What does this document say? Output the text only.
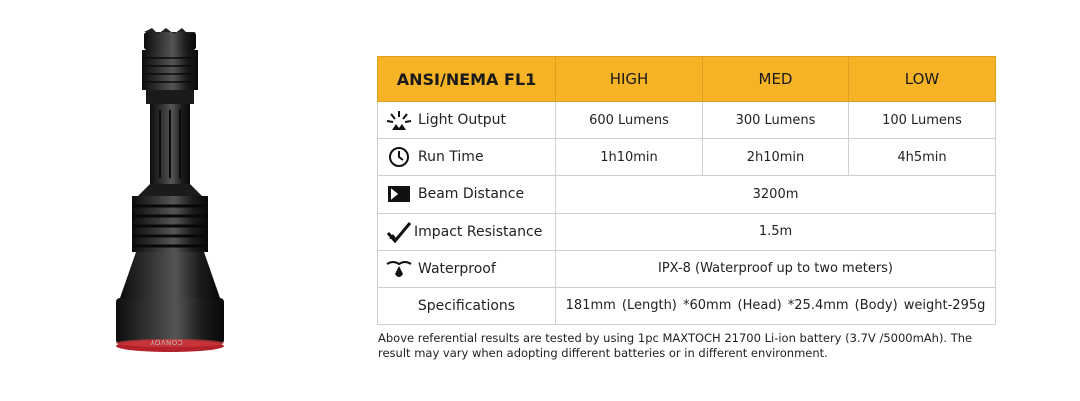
CONVOY
ANSI/NEMA FL1	HIGH	MED	LOW

Light Output	600 Lumens	300 Lumens	100 Lumens

Run Time	1h10min	2h10min	4h5min

Beam Distance	3200m		

Impact Resistance	1.5m		

Waterproof	IPX-8 (Waterproof up to two meters)		
Specifications	181mm (Length) *60mm (Head) *25.4mm (Body) weight-295g		
Above referential results are tested by using 1pc MAXTOCH 21700 Li-ion battery (3.7V /5000mAh). The result may vary when adopting different batteries or in different environment.
